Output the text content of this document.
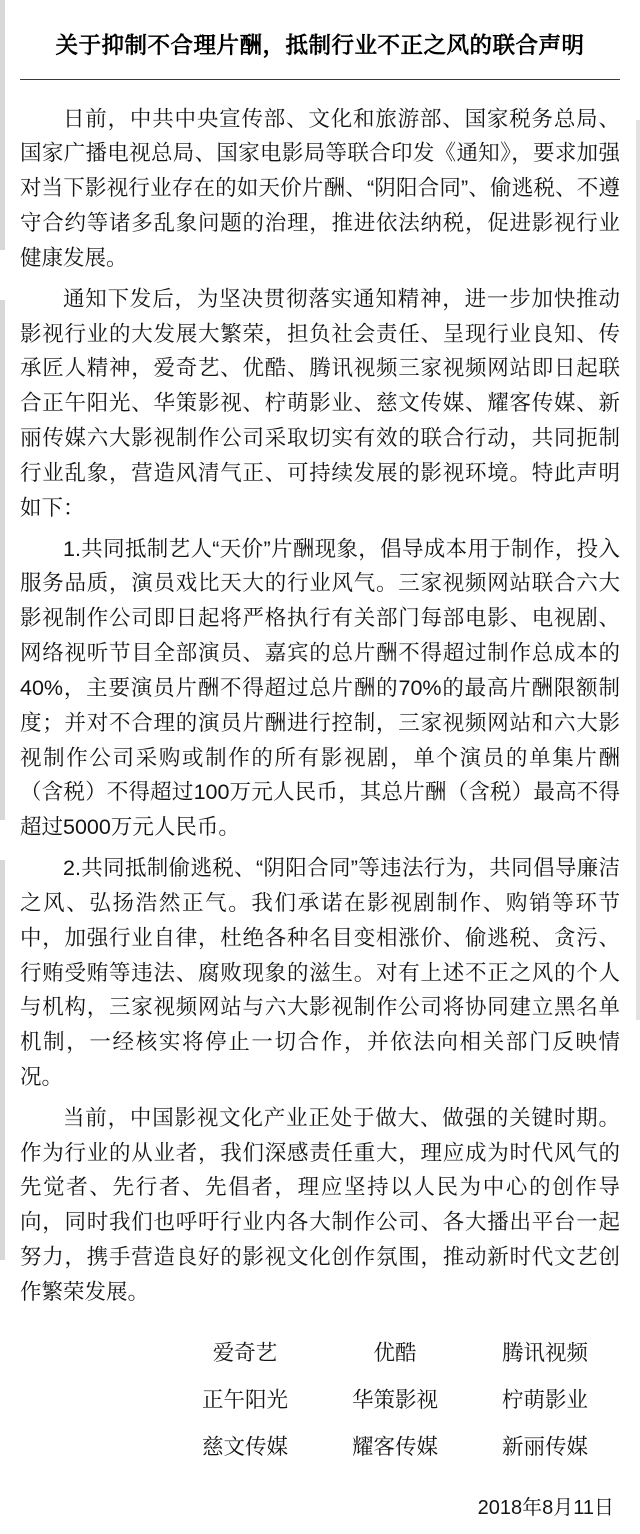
关于抑制不合理片酬，抵制行业不正之风的联合声明

日前，中共中央宣传部、文化和旅游部、国家税务总局、国家广播电视总局、国家电影局等联合印发《通知》，要求加强对当下影视行业存在的如天价片酬、“阴阳合同”、偷逃税、不遵守合约等诸多乱象问题的治理，推进依法纳税，促进影视行业健康发展。

通知下发后，为坚决贯彻落实通知精神，进一步加快推动影视行业的大发展大繁荣，担负社会责任、呈现行业良知、传承匠人精神，爱奇艺、优酷、腾讯视频三家视频网站即日起联合正午阳光、华策影视、柠萌影业、慈文传媒、耀客传媒、新丽传媒六大影视制作公司采取切实有效的联合行动，共同扼制行业乱象，营造风清气正、可持续发展的影视环境。特此声明如下：

1.共同抵制艺人“天价”片酬现象，倡导成本用于制作，投入服务品质，演员戏比天大的行业风气。三家视频网站联合六大影视制作公司即日起将严格执行有关部门每部电影、电视剧、网络视听节目全部演员、嘉宾的总片酬不得超过制作总成本的40%，主要演员片酬不得超过总片酬的70%的最高片酬限额制度；并对不合理的演员片酬进行控制，三家视频网站和六大影视制作公司采购或制作的所有影视剧，单个演员的单集片酬（含税）不得超过100万元人民币，其总片酬（含税）最高不得超过5000万元人民币。

2.共同抵制偷逃税、“阴阳合同”等违法行为，共同倡导廉洁之风、弘扬浩然正气。我们承诺在影视剧制作、购销等环节中，加强行业自律，杜绝各种名目变相涨价、偷逃税、贪污、行贿受贿等违法、腐败现象的滋生。对有上述不正之风的个人与机构，三家视频网站与六大影视制作公司将协同建立黑名单机制，一经核实将停止一切合作，并依法向相关部门反映情况。

当前，中国影视文化产业正处于做大、做强的关键时期。作为行业的从业者，我们深感责任重大，理应成为时代风气的先觉者、先行者、先倡者，理应坚持以人民为中心的创作导向，同时我们也呼吁行业内各大制作公司、各大播出平台一起努力，携手营造良好的影视文化创作氛围，推动新时代文艺创作繁荣发展。

爱奇艺	优酷	腾讯视频
正午阳光	华策影视	柠萌影业
慈文传媒	耀客传媒	新丽传媒
2018年8月11日
